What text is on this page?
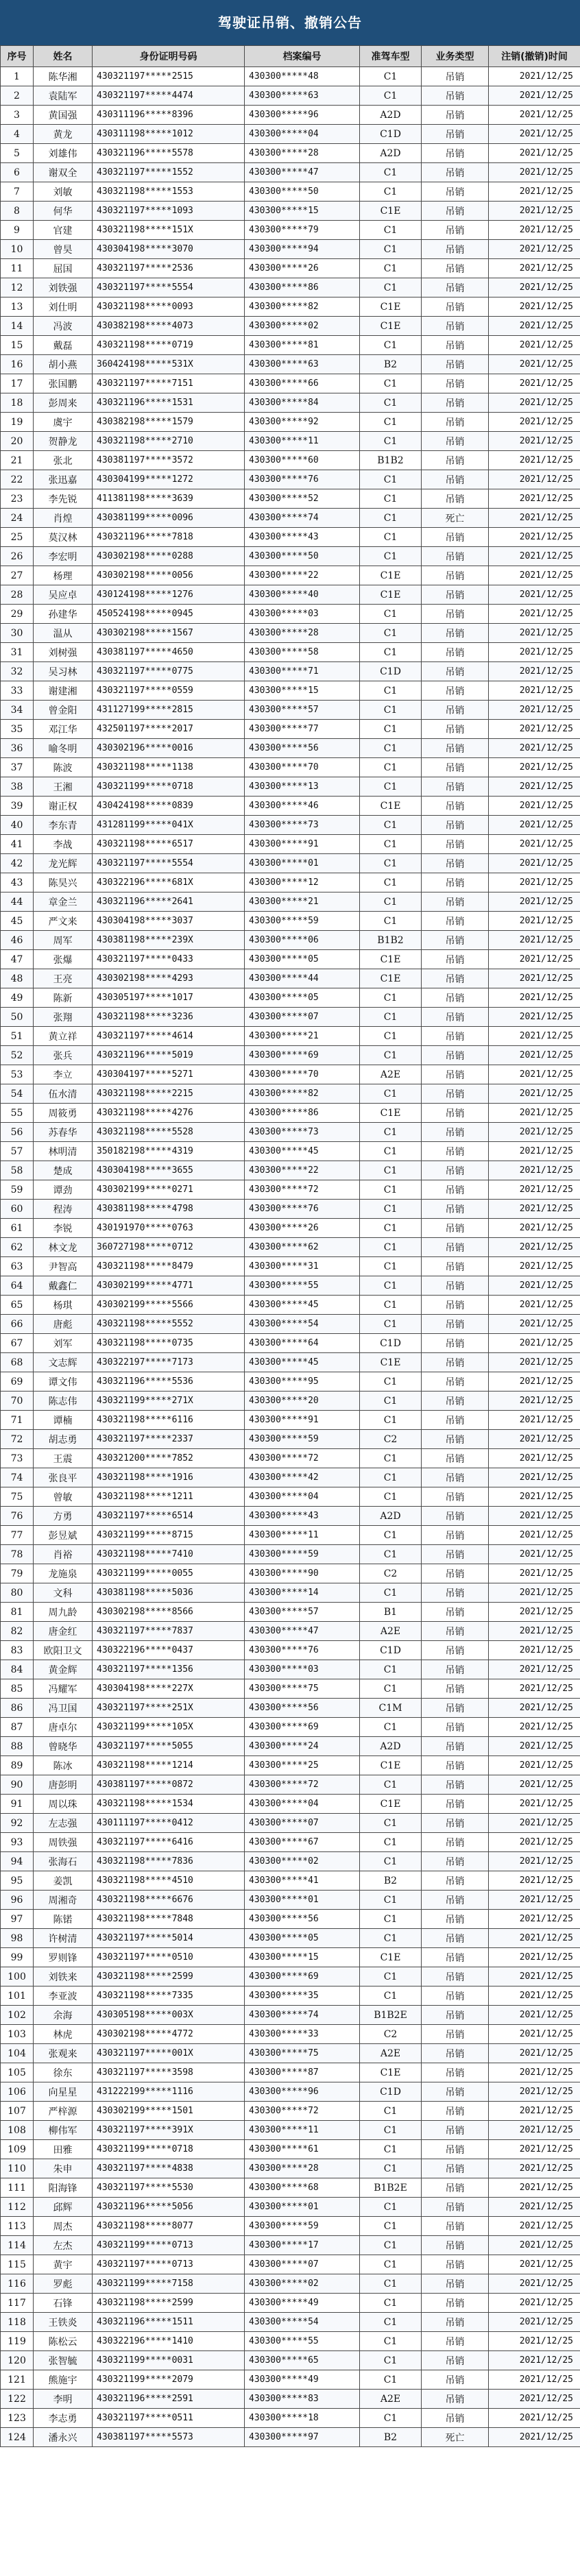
驾驶证吊销、撤销公告
序号	姓名	身份证明号码	档案编号	准驾车型	业务类型	注销(撤销)时间
1	陈华湘	430321197*****2515	430300*****48	C1	吊销	2021/12/25
2	袁陆军	430321197*****4474	430300*****63	C1	吊销	2021/12/25
3	黄国强	430311196*****8396	430300*****96	A2D	吊销	2021/12/25
4	黄龙	430311198*****1012	430300*****04	C1D	吊销	2021/12/25
5	刘雄伟	430321196*****5578	430300*****28	A2D	吊销	2021/12/25
6	谢双全	430321197*****1552	430300*****47	C1	吊销	2021/12/25
7	刘敏	430321198*****1553	430300*****50	C1	吊销	2021/12/25
8	何华	430321197*****1093	430300*****15	C1E	吊销	2021/12/25
9	官建	430321198*****151X	430300*****79	C1	吊销	2021/12/25
10	曾昊	430304198*****3070	430300*****94	C1	吊销	2021/12/25
11	屈国	430321197*****2536	430300*****26	C1	吊销	2021/12/25
12	刘铁强	430321197*****5554	430300*****86	C1	吊销	2021/12/25
13	刘仕明	430321198*****0093	430300*****82	C1E	吊销	2021/12/25
14	冯波	430382198*****4073	430300*****02	C1E	吊销	2021/12/25
15	戴磊	430321198*****0719	430300*****81	C1	吊销	2021/12/25
16	胡小燕	360424198*****531X	430300*****63	B2	吊销	2021/12/25
17	张国鹏	430321197*****7151	430300*****66	C1	吊销	2021/12/25
18	彭周来	430321196*****1531	430300*****84	C1	吊销	2021/12/25
19	虞宇	430382198*****1579	430300*****92	C1	吊销	2021/12/25
20	贺静龙	430321198*****2710	430300*****11	C1	吊销	2021/12/25
21	张北	430381197*****3572	430300*****60	B1B2	吊销	2021/12/25
22	张迅嘉	430304199*****1272	430300*****76	C1	吊销	2021/12/25
23	李先锐	411381198*****3639	430300*****52	C1	吊销	2021/12/25
24	肖煌	430381199*****0096	430300*****74	C1	死亡	2021/12/25
25	莫汉林	430321196*****7818	430300*****43	C1	吊销	2021/12/25
26	李宏明	430302198*****0288	430300*****50	C1	吊销	2021/12/25
27	杨理	430302198*****0056	430300*****22	C1E	吊销	2021/12/25
28	吴应卓	430124198*****1276	430300*****40	C1E	吊销	2021/12/25
29	孙建华	450524198*****0945	430300*****03	C1	吊销	2021/12/25
30	温从	430302198*****1567	430300*****28	C1	吊销	2021/12/25
31	刘树强	430381197*****4650	430300*****58	C1	吊销	2021/12/25
32	吴习林	430321197*****0775	430300*****71	C1D	吊销	2021/12/25
33	谢建湘	430321197*****0559	430300*****15	C1	吊销	2021/12/25
34	曾金阳	431127199*****2815	430300*****57	C1	吊销	2021/12/25
35	邓江华	432501197*****2017	430300*****77	C1	吊销	2021/12/25
36	喻冬明	430302196*****0016	430300*****56	C1	吊销	2021/12/25
37	陈波	430321198*****1138	430300*****70	C1	吊销	2021/12/25
38	王湘	430321199*****0718	430300*****13	C1	吊销	2021/12/25
39	谢正权	430424198*****0839	430300*****46	C1E	吊销	2021/12/25
40	李东青	431281199*****041X	430300*****73	C1	吊销	2021/12/25
41	李战	430321198*****6517	430300*****91	C1	吊销	2021/12/25
42	龙光辉	430321197*****5554	430300*****01	C1	吊销	2021/12/25
43	陈昊兴	430322196*****681X	430300*****12	C1	吊销	2021/12/25
44	章金兰	430321196*****2641	430300*****21	C1	吊销	2021/12/25
45	严文来	430304198*****3037	430300*****59	C1	吊销	2021/12/25
46	周军	430381198*****239X	430300*****06	B1B2	吊销	2021/12/25
47	张爆	430321197*****0433	430300*****05	C1E	吊销	2021/12/25
48	王亮	430302198*****4293	430300*****44	C1E	吊销	2021/12/25
49	陈新	430305197*****1017	430300*****05	C1	吊销	2021/12/25
50	张翔	430321198*****3236	430300*****07	C1	吊销	2021/12/25
51	黄立祥	430321197*****4614	430300*****21	C1	吊销	2021/12/25
52	张兵	430321196*****5019	430300*****69	C1	吊销	2021/12/25
53	李立	430304197*****5271	430300*****70	A2E	吊销	2021/12/25
54	伍水清	430321198*****2215	430300*****82	C1	吊销	2021/12/25
55	周筱勇	430321198*****4276	430300*****86	C1E	吊销	2021/12/25
56	苏春华	430321198*****5528	430300*****73	C1	吊销	2021/12/25
57	林明清	350182198*****4319	430300*****45	C1	吊销	2021/12/25
58	楚成	430304198*****3655	430300*****22	C1	吊销	2021/12/25
59	谭劲	430302199*****0271	430300*****72	C1	吊销	2021/12/25
60	程涛	430381198*****4798	430300*****76	C1	吊销	2021/12/25
61	李锐	430191970*****0763	430300*****26	C1	吊销	2021/12/25
62	林文龙	360727198*****0712	430300*****62	C1	吊销	2021/12/25
63	尹智高	430321198*****8479	430300*****31	C1	吊销	2021/12/25
64	戴鑫仁	430302199*****4771	430300*****55	C1	吊销	2021/12/25
65	杨琪	430302199*****5566	430300*****45	C1	吊销	2021/12/25
66	唐彪	430321198*****5552	430300*****54	C1	吊销	2021/12/25
67	刘军	430321198*****0735	430300*****64	C1D	吊销	2021/12/25
68	文志辉	430322197*****7173	430300*****45	C1E	吊销	2021/12/25
69	谭文伟	430321196*****5536	430300*****95	C1	吊销	2021/12/25
70	陈志伟	430321199*****271X	430300*****20	C1	吊销	2021/12/25
71	谭楠	430321198*****6116	430300*****91	C1	吊销	2021/12/25
72	胡志勇	430321197*****2337	430300*****59	C2	吊销	2021/12/25
73	王震	430321200*****7852	430300*****72	C1	吊销	2021/12/25
74	张良平	430321198*****1916	430300*****42	C1	吊销	2021/12/25
75	曾敏	430321198*****1211	430300*****04	C1	吊销	2021/12/25
76	方勇	430321197*****6514	430300*****43	A2D	吊销	2021/12/25
77	彭昱斌	430321199*****8715	430300*****11	C1	吊销	2021/12/25
78	肖裕	430321198*****7410	430300*****59	C1	吊销	2021/12/25
79	龙施泉	430321199*****0055	430300*****90	C2	吊销	2021/12/25
80	文科	430381198*****5036	430300*****14	C1	吊销	2021/12/25
81	周九龄	430302198*****8566	430300*****57	B1	吊销	2021/12/25
82	唐金红	430321197*****7837	430300*****47	A2E	吊销	2021/12/25
83	欧阳卫文	430322196*****0437	430300*****76	C1D	吊销	2021/12/25
84	黄金辉	430321197*****1356	430300*****03	C1	吊销	2021/12/25
85	冯耀军	430304198*****227X	430300*****75	C1	吊销	2021/12/25
86	冯卫国	430321197*****251X	430300*****56	C1M	吊销	2021/12/25
87	唐卓尔	430321199*****105X	430300*****69	C1	吊销	2021/12/25
88	曾晓华	430321197*****5055	430300*****24	A2D	吊销	2021/12/25
89	陈冰	430321198*****1214	430300*****25	C1E	吊销	2021/12/25
90	唐彭明	430381197*****0872	430300*****72	C1	吊销	2021/12/25
91	周以珠	430321198*****1534	430300*****04	C1E	吊销	2021/12/25
92	左志强	430111197*****0412	430300*****07	C1	吊销	2021/12/25
93	周铁强	430321197*****6416	430300*****67	C1	吊销	2021/12/25
94	张海石	430321198*****7836	430300*****02	C1	吊销	2021/12/25
95	姜凯	430321198*****4510	430300*****41	B2	吊销	2021/12/25
96	周湘奇	430321198*****6676	430300*****01	C1	吊销	2021/12/25
97	陈锘	430321198*****7848	430300*****56	C1	吊销	2021/12/25
98	许树清	430321197*****5014	430300*****05	C1	吊销	2021/12/25
99	罗则锋	430321197*****0510	430300*****15	C1E	吊销	2021/12/25
100	刘铁来	430321198*****2599	430300*****69	C1	吊销	2021/12/25
101	李亚波	430321198*****7335	430300*****35	C1	吊销	2021/12/25
102	余海	430305198*****003X	430300*****74	B1B2E	吊销	2021/12/25
103	林虎	430302198*****4772	430300*****33	C2	吊销	2021/12/25
104	张观来	430321197*****001X	430300*****75	A2E	吊销	2021/12/25
105	徐东	430321197*****3598	430300*****87	C1E	吊销	2021/12/25
106	向星星	431222199*****1116	430300*****96	C1D	吊销	2021/12/25
107	严梓源	430302199*****1501	430300*****72	C1	吊销	2021/12/25
108	柳伟军	430321197*****391X	430300*****11	C1	吊销	2021/12/25
109	田雅	430321199*****0718	430300*****61	C1	吊销	2021/12/25
110	朱申	430321197*****4838	430300*****28	C1	吊销	2021/12/25
111	阳海锋	430321197*****5530	430300*****68	B1B2E	吊销	2021/12/25
112	邱辉	430321196*****5056	430300*****01	C1	吊销	2021/12/25
113	周杰	430321198*****8077	430300*****59	C1	吊销	2021/12/25
114	左杰	430321199*****0713	430300*****17	C1	吊销	2021/12/25
115	黄宇	430321197*****0713	430300*****07	C1	吊销	2021/12/25
116	罗彪	430321199*****7158	430300*****02	C1	吊销	2021/12/25
117	石锋	430321198*****2599	430300*****49	C1	吊销	2021/12/25
118	王铁炎	430321196*****1511	430300*****54	C1	吊销	2021/12/25
119	陈松云	430322196*****1410	430300*****55	C1	吊销	2021/12/25
120	张智毓	430321199*****0031	430300*****65	C1	吊销	2021/12/25
121	熊施宇	430321199*****2079	430300*****49	C1	吊销	2021/12/25
122	李明	430321196*****2591	430300*****83	A2E	吊销	2021/12/25
123	李志勇	430321197*****0511	430300*****18	C1	吊销	2021/12/25
124	潘永兴	430381197*****5573	430300*****97	B2	死亡	2021/12/25
